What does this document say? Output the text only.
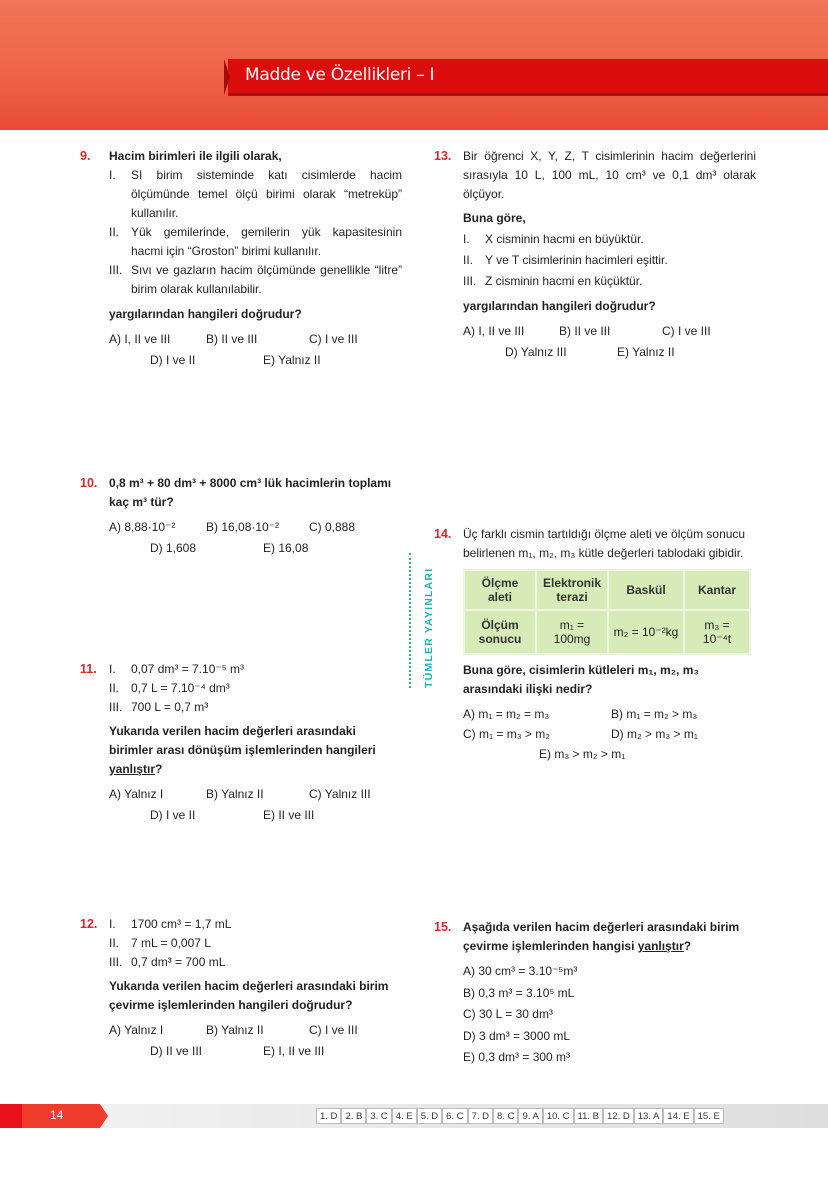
Madde ve Özellikleri – I
TÜMLER YAYINLARI
9. Hacim birimleri ile ilgili olarak,
I.	SI birim sisteminde katı cisimlerde hacim ölçümünde temel ölçü birimi olarak “metreküp” kullanılır.
II. Yük gemilerinde, gemilerin yük kapasitesinin hacmi için “Groston” birimi kullanılır.
III. Sıvı ve gazların hacim ölçümünde genellikle “litre” birim olarak kullanılabilir.
yargılarından hangileri doğrudur?
A) I, II ve III	B) II ve III	C) I ve III
D) I ve II	E) Yalnız II
10. 0,8 m³ + 80 dm³ + 8000 cm³ lük hacimlerin toplamı kaç m³ tür?
A) 8,88·10⁻²	B) 16,08·10⁻² C) 0,888
D) 1,608	E) 16,08
11. I.	0,07 dm³ = 7.10⁻⁵ m³
II. 0,7 L = 7.10⁻⁴ dm³
III. 700 L = 0,7 m³
Yukarıda verilen hacim değerleri arasındaki birimler arası dönüşüm işlemlerinden hangileri yanlıştır?
A) Yalnız I	B) Yalnız II	C) Yalnız III
D) I ve II	E) II ve III
12. I.	1700 cm³ = 1,7 mL
II. 7 mL = 0,007 L
III. 0,7 dm³ = 700 mL
Yukarıda verilen hacim değerleri arasındaki birim çevirme işlemlerinden hangileri doğrudur?
A) Yalnız I	B) Yalnız II	C) I ve III
D) II ve III	E) I, II ve III
13. Bir öğrenci X, Y, Z, T cisimlerinin hacim değerlerini sırasıyla 10 L, 100 mL, 10 cm³ ve 0,1 dm³ olarak ölçüyor.
Buna göre,
I.	X cisminin hacmi en büyüktür.
II. Y ve T cisimlerinin hacimleri eşittir.
III. Z cisminin hacmi en küçüktür.
yargılarından hangileri doğrudur?
A) I, II ve III	B) II ve III	C) I ve III
D) Yalnız III	E) Yalnız II
14. Üç farklı cismin tartıldığı ölçme aleti ve ölçüm sonucu belirlenen m₁, m₂, m₃ kütle değerleri tablodaki gibidir.
Ölçme aleti	Elektronik terazi	Baskül	Kantar
Ölçüm sonucu	m₁ = 100mg	m₂ = 10⁻²kg	m₃ = 10⁻⁴t
Buna göre, cisimlerin kütleleri m₁, m₂, m₃ arasındaki ilişki nedir?
A) m₁ = m₂ = m₃	B) m₁ = m₂ > m₃
C) m₁ = m₃ > m₂	D) m₂ > m₃ > m₁
E) m₃ > m₂ > m₁
15. Aşağıda verilen hacim değerleri arasındaki birim çevirme işlemlerinden hangisi yanlıştır?
A) 30 cm³ = 3.10⁻⁵m³
B) 0,3 m³ = 3.10⁵ mL
C) 30 L = 30 dm³
D) 3 dm³ = 3000 mL
E) 0,3 dm³ = 300 m³
14	1. D 2. B 3. C 4. E 5. D 6. C 7. D 8. C 9. A 10. C 11. B 12. D 13. A 14. E 15. E
